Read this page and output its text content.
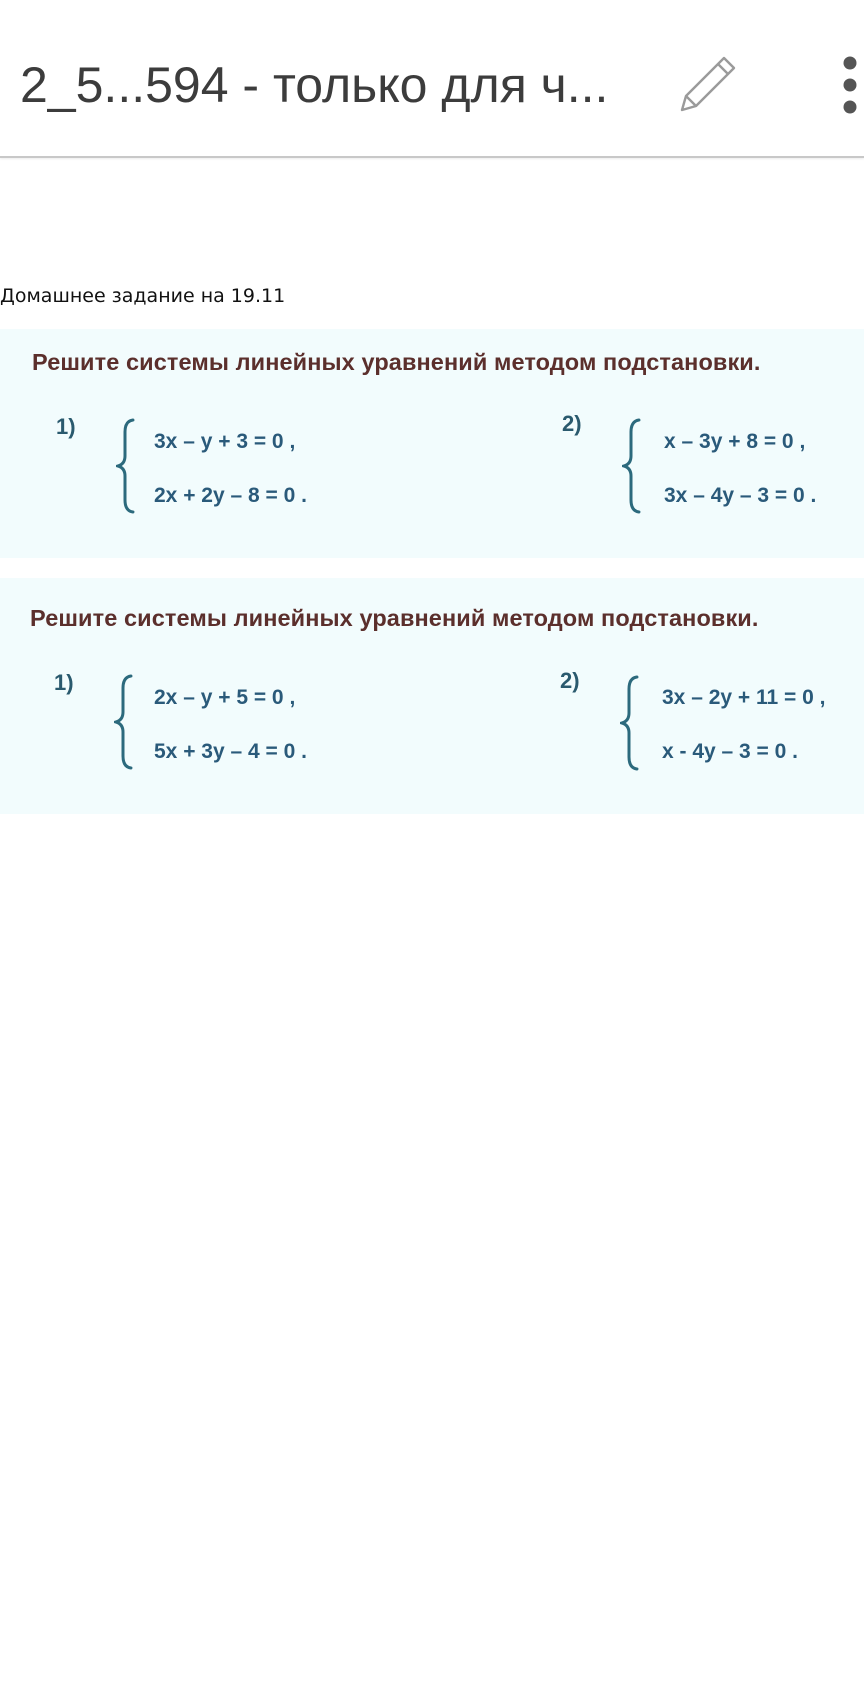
2_5...594 - только для ч...
Домашнее задание на 19.11
Решите системы линейных уравнений методом подстановки.
1)
3x – y + 3 = 0 ,
2x + 2y – 8 = 0 .
2)
x – 3y + 8 = 0 ,
3x – 4y – 3 = 0 .
Решите системы линейных уравнений методом подстановки.
1)
2x – y + 5 = 0 ,
5x + 3y – 4 = 0 .
2)
3x – 2y + 11 = 0 ,
x - 4y – 3 = 0 .
